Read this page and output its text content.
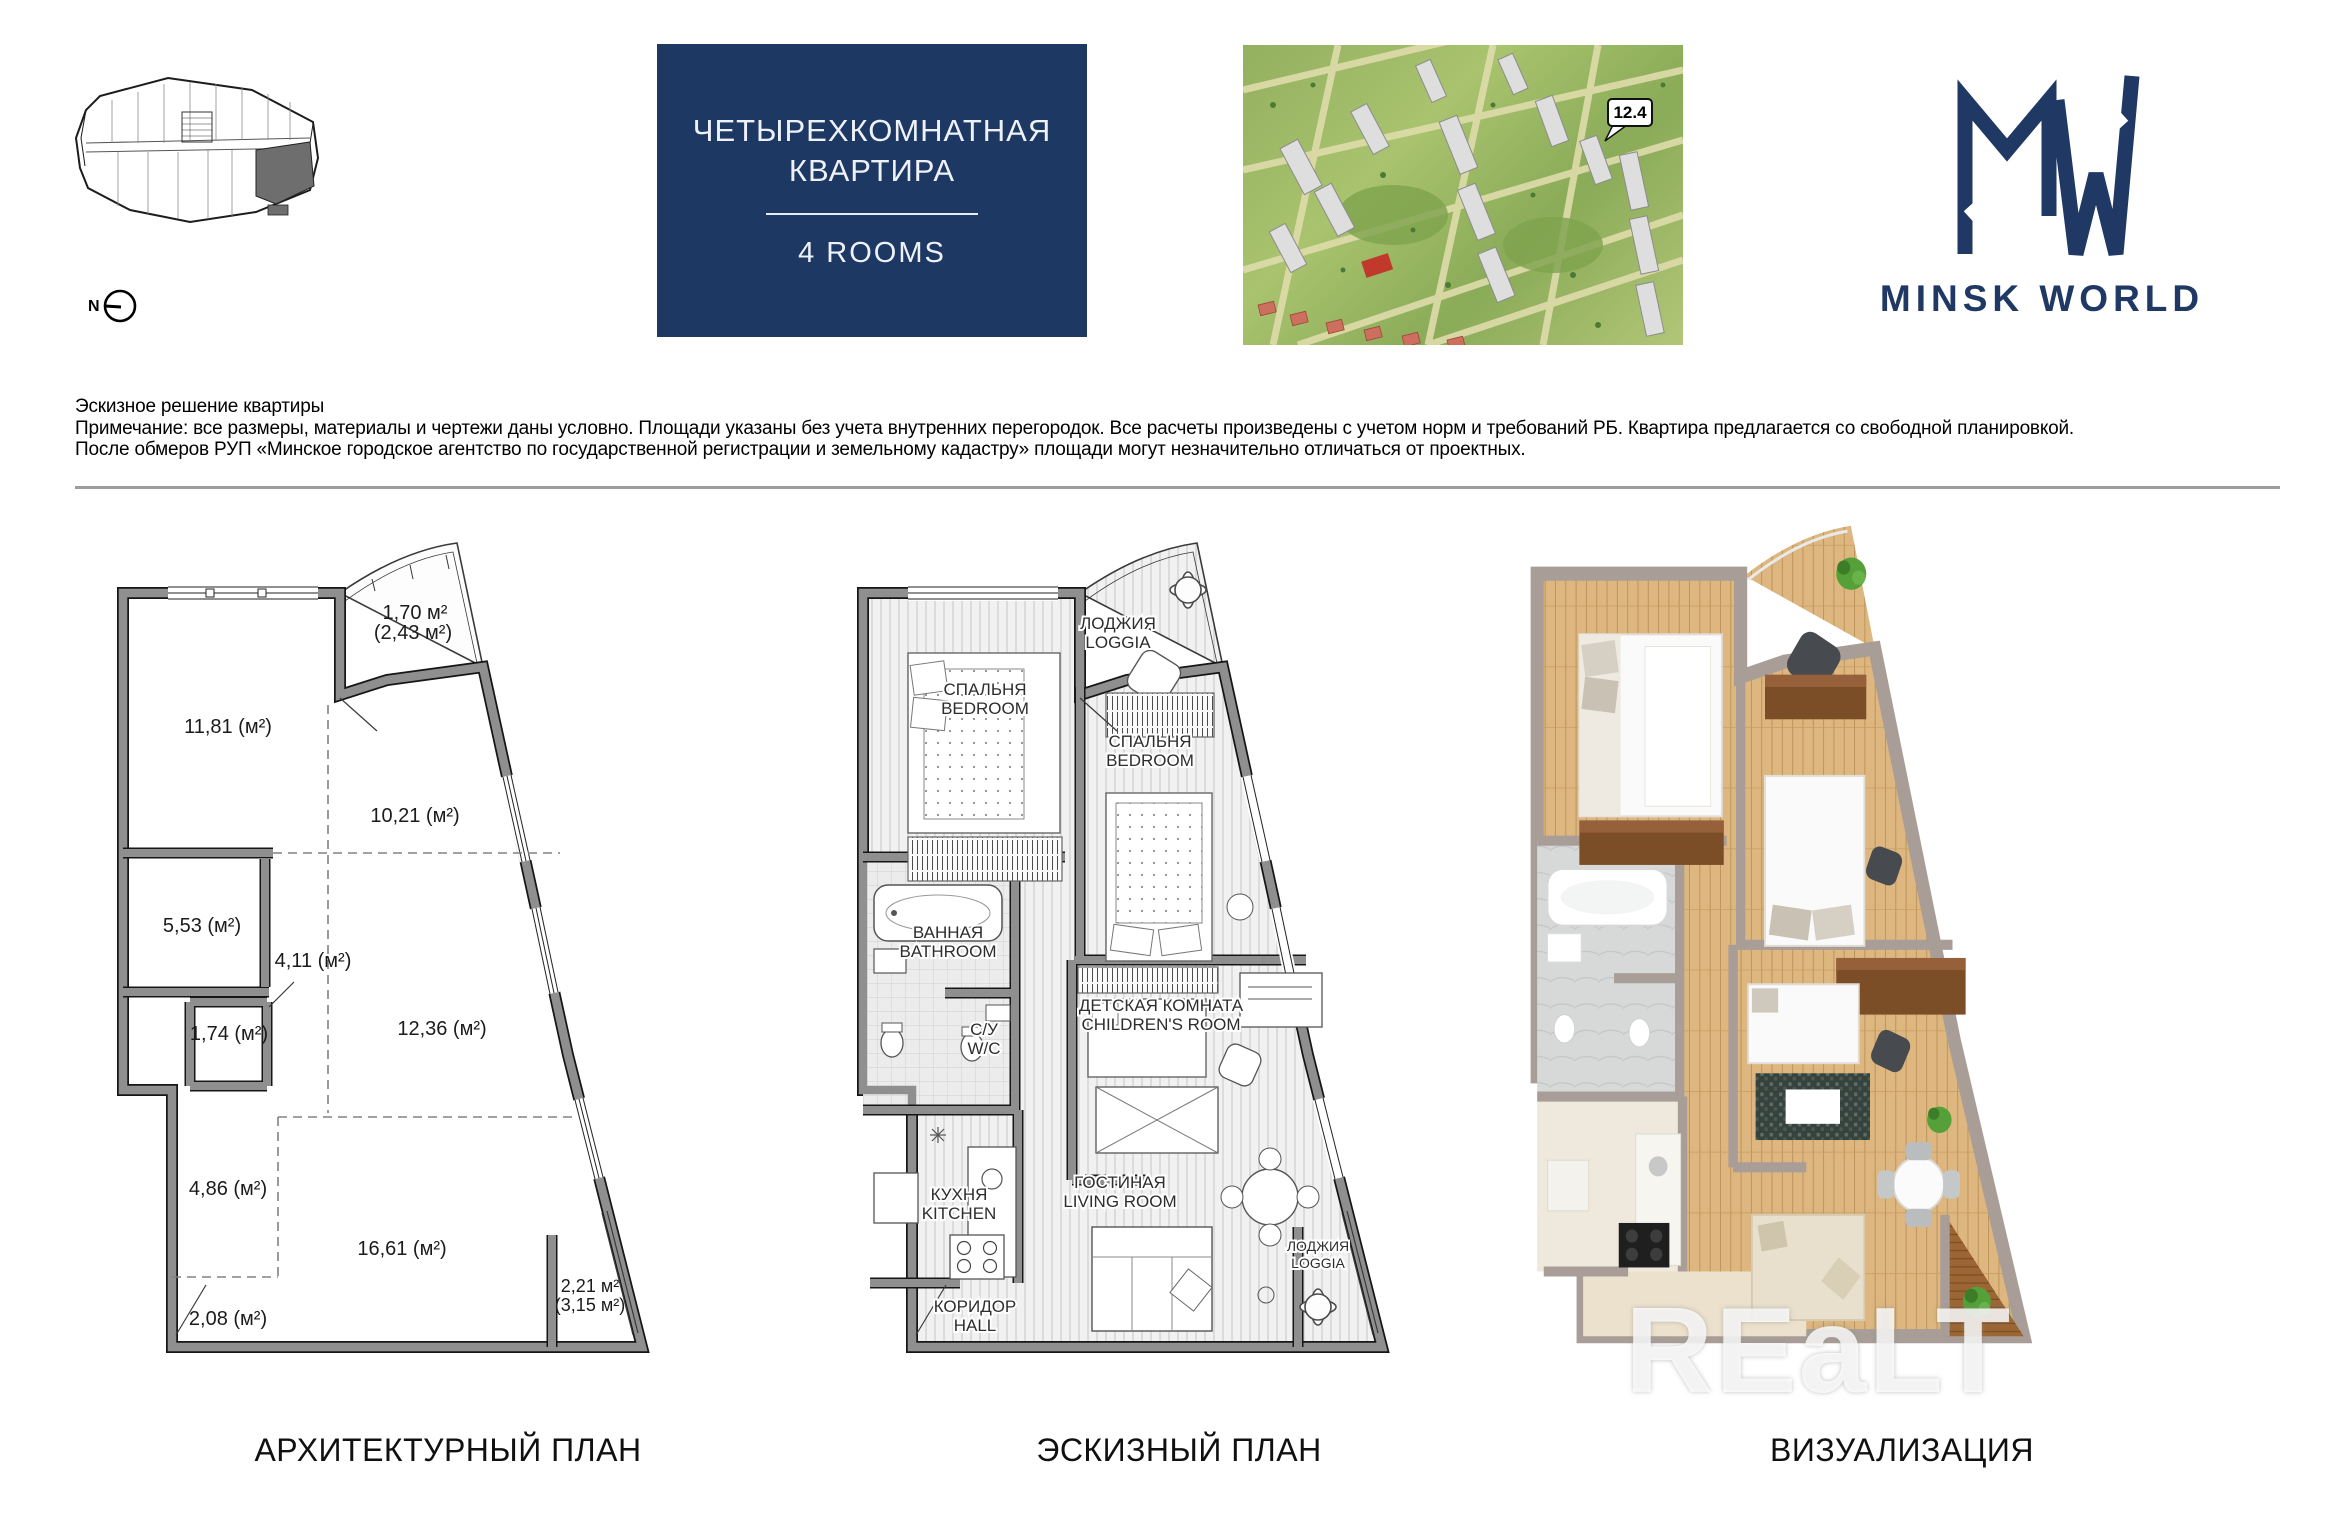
N
ЧЕТЫРЕХКОМНАТНАЯ
КВАРТИРА
4 ROOMS
12.4
MINSK WORLD
Эскизное решение квартиры
Примечание: все размеры, материалы и чертежи даны условно. Площади указаны без учета внутренних перегородок. Все расчеты произведены с учетом норм и требований РБ. Квартира предлагается со свободной планировкой.
После обмеров РУП «Минское городское агентство по государственной регистрации и земельному кадастру» площади могут незначительно отличаться от проектных.
1,70 м²
(2,43 м²)
11,81 (м²)
10,21 (м²)
5,53 (м²)
4,11 (м²)
12,36 (м²)
1,74 (м²)
4,86 (м²)
16,61 (м²)
2,08 (м²)
2,21 м²
(3,15 м²)
СПАЛЬНЯ
BEDROOM
ЛОДЖИЯ
LOGGIA
СПАЛЬНЯ
BEDROOM
ВАННАЯ
BATHROOM
С/У
W/C
ДЕТСКАЯ КОМНАТА
CHILDREN'S ROOM
КУХНЯ
KITCHEN
ГОСТИНАЯ
LIVING ROOM
КОРИДОР
HALL
ЛОДЖИЯ
LOGGIA
REaLT
АРХИТЕКТУРНЫЙ ПЛАН	ЭСКИЗНЫЙ ПЛАН	ВИЗУАЛИЗАЦИЯ
